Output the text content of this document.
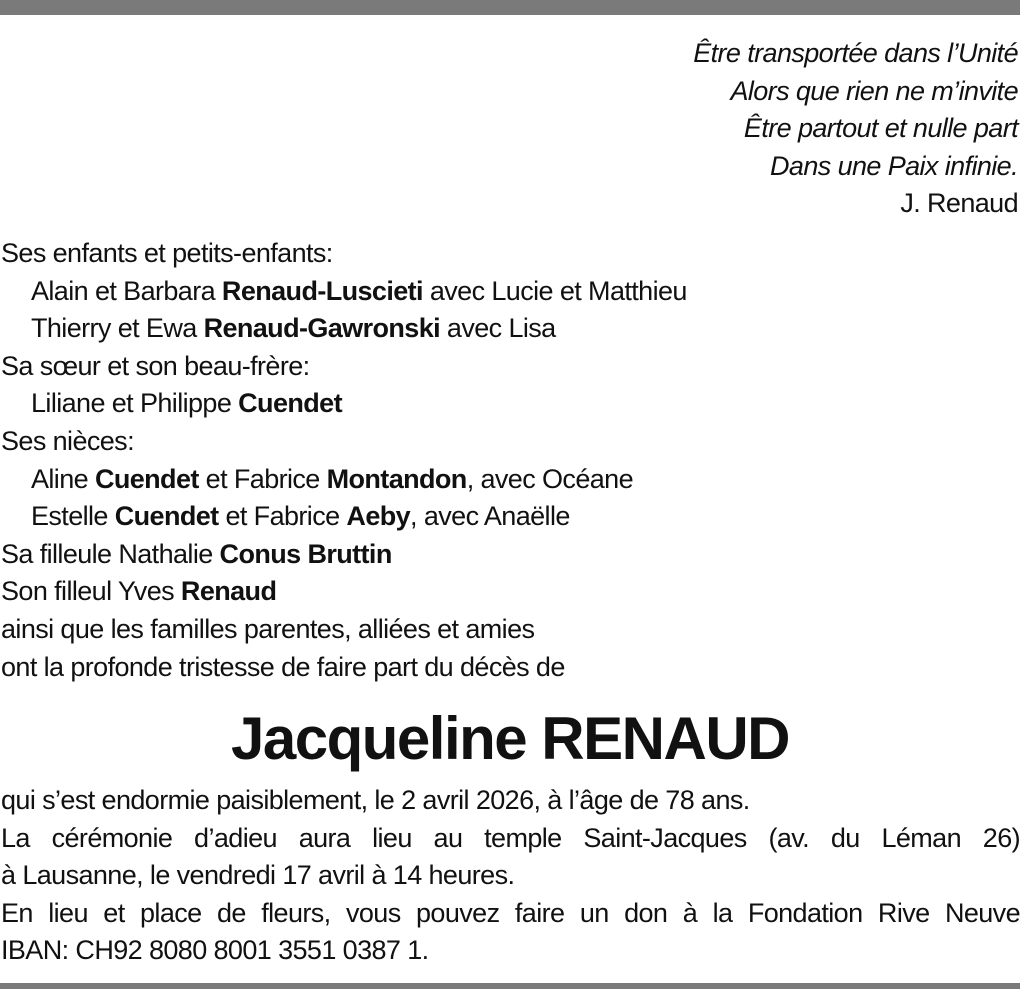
Être transportée dans l’Unité
Alors que rien ne m’invite
Être partout et nulle part
Dans une Paix infinie.
J. Renaud
Ses enfants et petits-enfants:
Alain et Barbara Renaud-Luscieti avec Lucie et Matthieu
Thierry et Ewa Renaud-Gawronski avec Lisa
Sa sœur et son beau-frère:
Liliane et Philippe Cuendet
Ses nièces:
Aline Cuendet et Fabrice Montandon, avec Océane
Estelle Cuendet et Fabrice Aeby, avec Anaëlle
Sa filleule Nathalie Conus Bruttin
Son filleul Yves Renaud
ainsi que les familles parentes, alliées et amies
ont la profonde tristesse de faire part du décès de
Jacqueline RENAUD
qui s’est endormie paisiblement, le 2 avril 2026, à l’âge de 78 ans.
La cérémonie d’adieu aura lieu au temple Saint-Jacques (av. du Léman 26)
à Lausanne, le vendredi 17 avril à 14 heures.
En lieu et place de fleurs, vous pouvez faire un don à la Fondation Rive Neuve
IBAN: CH92 8080 8001 3551 0387 1.
